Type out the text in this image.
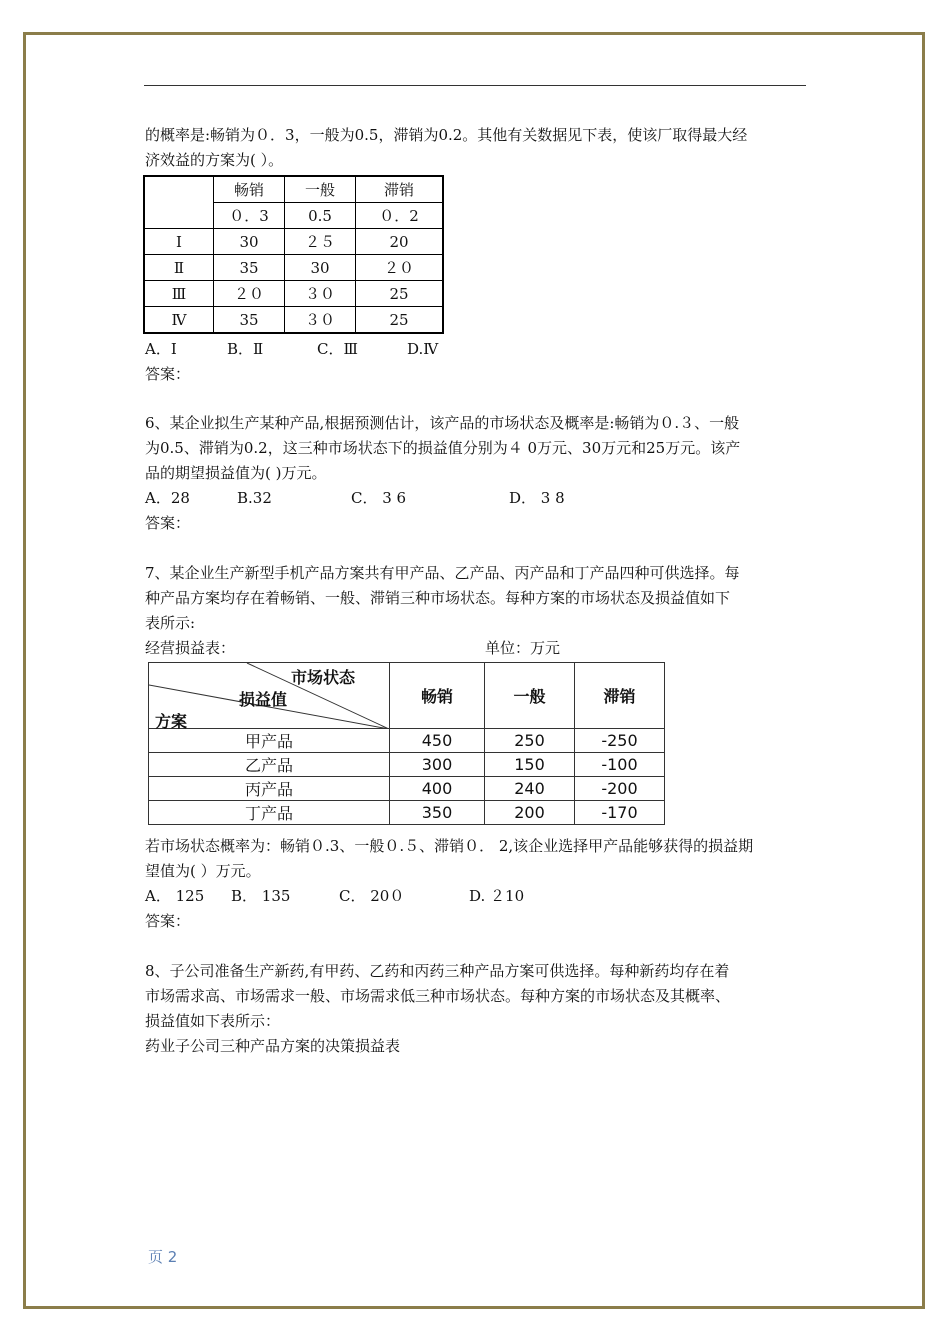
的概率是:畅销为０．3，一般为0.5，滞销为0.2。其他有关数据见下表，使该厂取得最大经
济效益的方案为( ）。
	畅销	一般	滞销
	０．3	0.5	０．2
I	30	２５	20
Ⅱ	35	30	２０
Ⅲ	２０	３０	25
Ⅳ	35	３０	25
A．I	B．Ⅱ	C．Ⅲ	D.Ⅳ
答案：
6、某企业拟生产某种产品,根据预测估计，该产品的市场状态及概率是:畅销为０.３、一般
为0.5、滞销为0.2，这三种市场状态下的损益值分别为４ 0万元、30万元和25万元。该产
品的期望损益值为( )万元。
A．28	B.32	C． 3 6	D． 3 8
答案：
7、某企业生产新型手机产品方案共有甲产品、乙产品、丙产品和丁产品四种可供选择。每
种产品方案均存在着畅销、一般、滞销三种市场状态。每种方案的市场状态及损益值如下
表所示:
经营损益表：	单位：万元
市场状态
损益值
方案	畅销	一般	滞销
甲产品	450	250	-250
乙产品	300	150	-100
丙产品	400	240	-200
丁产品	350	200	-170
若市场状态概率为：畅销０.3、一般０.５、滞销０． 2,该企业选择甲产品能够获得的损益期
望值为( ）万元。
A． 125 B． 135	C． 20０	D. ２10
答案：
8、子公司准备生产新药,有甲药、乙药和丙药三种产品方案可供选择。每种新药均存在着
市场需求高、市场需求一般、市场需求低三种市场状态。每种方案的市场状态及其概率、
损益值如下表所示：
药业子公司三种产品方案的决策损益表
页 2
